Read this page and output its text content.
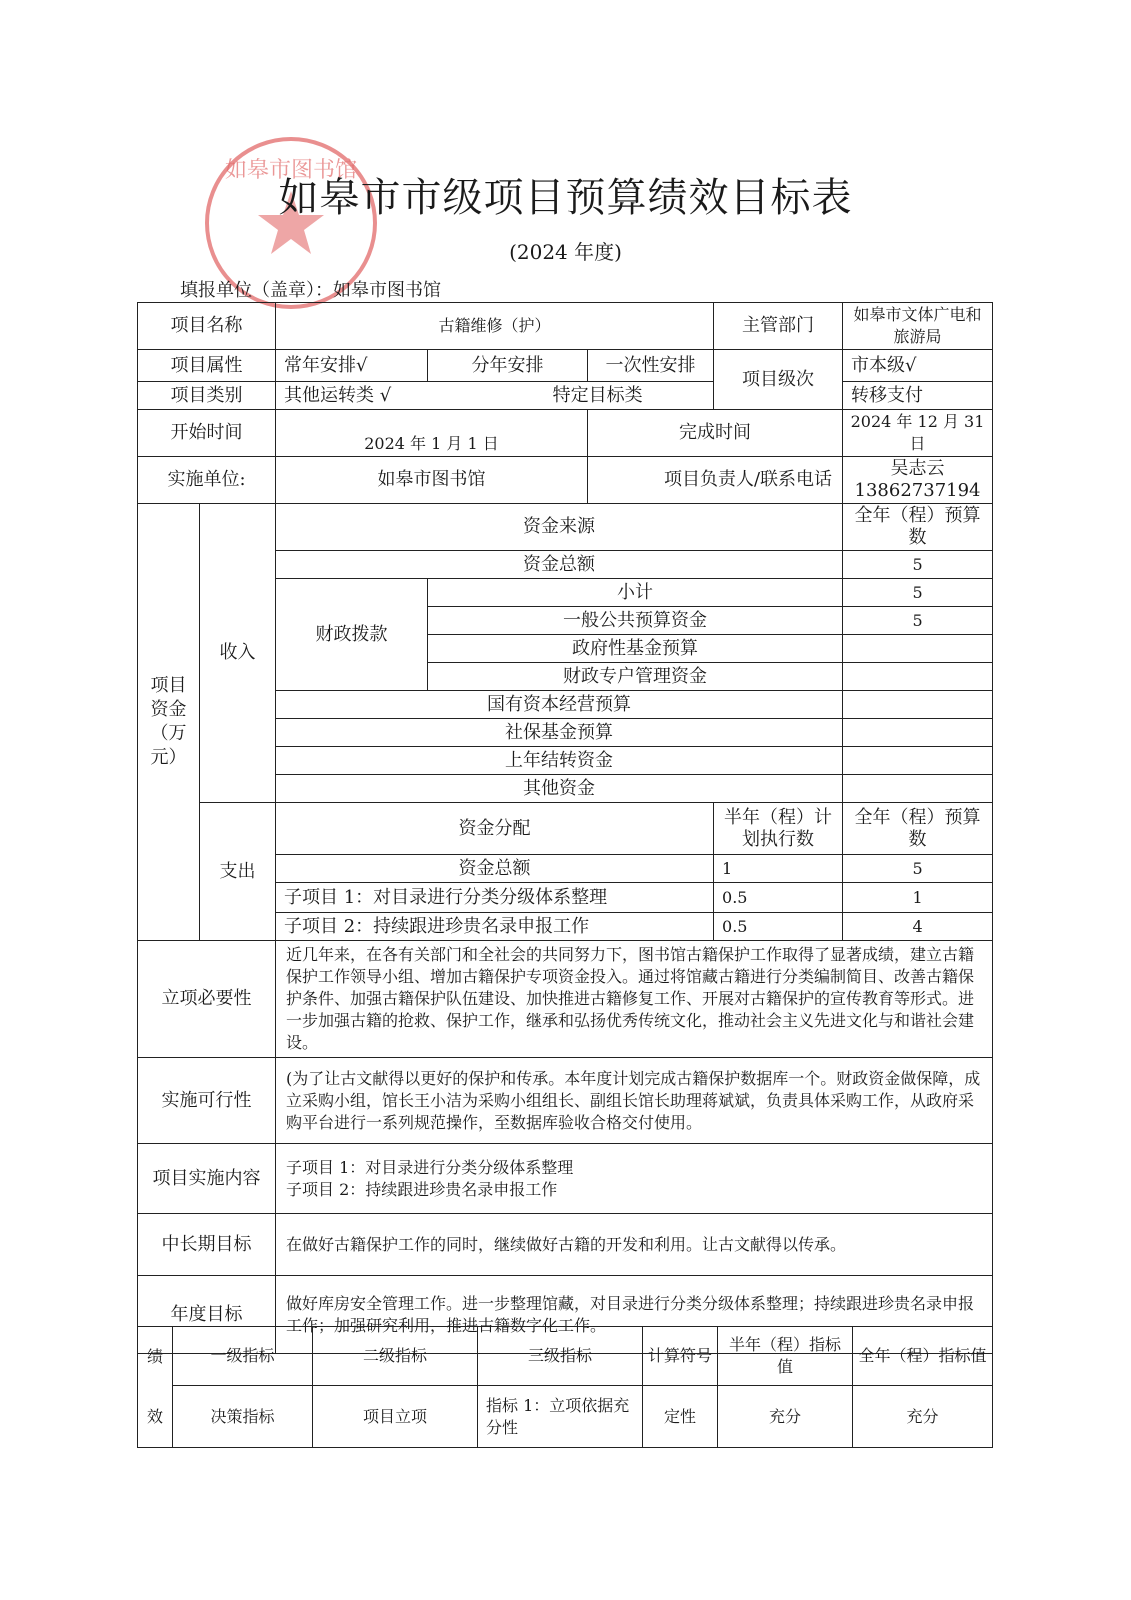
如皋市图书馆
如皋市市级项目预算绩效目标表
(2024 年度)
填报单位（盖章）：如皋市图书馆
项目名称		古籍维修（护）			主管部门	如皋市文体广电和旅游局
项目属性		常年安排√	分年安排	一次性安排	项目级次	市本级√
项目类别		其他运转类 √ 特定目标类				转移支付
开始时间		2024 年 1 月 1 日		完成时间		2024 年 12 月 31 日
实施单位:		如皋市图书馆		项目负责人/联系电话		吴志云 13862737194
项目资金（万元）	收入	资金来源				全年（程）预算数
		资金总额				5
		财政拨款	小计			5
			一般公共预算资金			5
			政府性基金预算			
			财政专户管理资金			
		国有资本经营预算				
		社保基金预算				
		上年结转资金				
		其他资金				
	支出	资金分配			半年（程）计划执行数	全年（程）预算数
		资金总额			1	5
		子项目 1：对目录进行分类分级体系整理			0.5	1
		子项目 2：持续跟进珍贵名录申报工作			0.5	4
立项必要性		近几年来，在各有关部门和全社会的共同努力下，图书馆古籍保护工作取得了显著成绩，建立古籍保护工作领导小组、增加古籍保护专项资金投入。通过将馆藏古籍进行分类编制简目、改善古籍保护条件、加强古籍保护队伍建设、加快推进古籍修复工作、开展对古籍保护的宣传教育等形式。进一步加强古籍的抢救、保护工作，继承和弘扬优秀传统文化，推动社会主义先进文化与和谐社会建设。				
实施可行性		(为了让古文献得以更好的保护和传承。本年度计划完成古籍保护数据库一个。财政资金做保障，成立采购小组，馆长王小洁为采购小组组长、副组长馆长助理蒋斌斌，负责具体采购工作，从政府采购平台进行一系列规范操作，至数据库验收合格交付使用。				
项目实施内容		子项目 1：对目录进行分类分级体系整理
子项目 2：持续跟进珍贵名录申报工作				

中长期目标		在做好古籍保护工作的同时，继续做好古籍的开发和利用。让古文献得以传承。				
年度目标		做好库房安全管理工作。进一步整理馆藏，对目录进行分类分级体系整理；持续跟进珍贵名录申报工作；加强研究利用，推进古籍数字化工作。				
绩
效	一级指标	二级指标	三级指标	计算符号	半年（程）指标值	全年（程）指标值
	决策指标	项目立项	指标 1：立项依据充分性	定性	充分	充分
